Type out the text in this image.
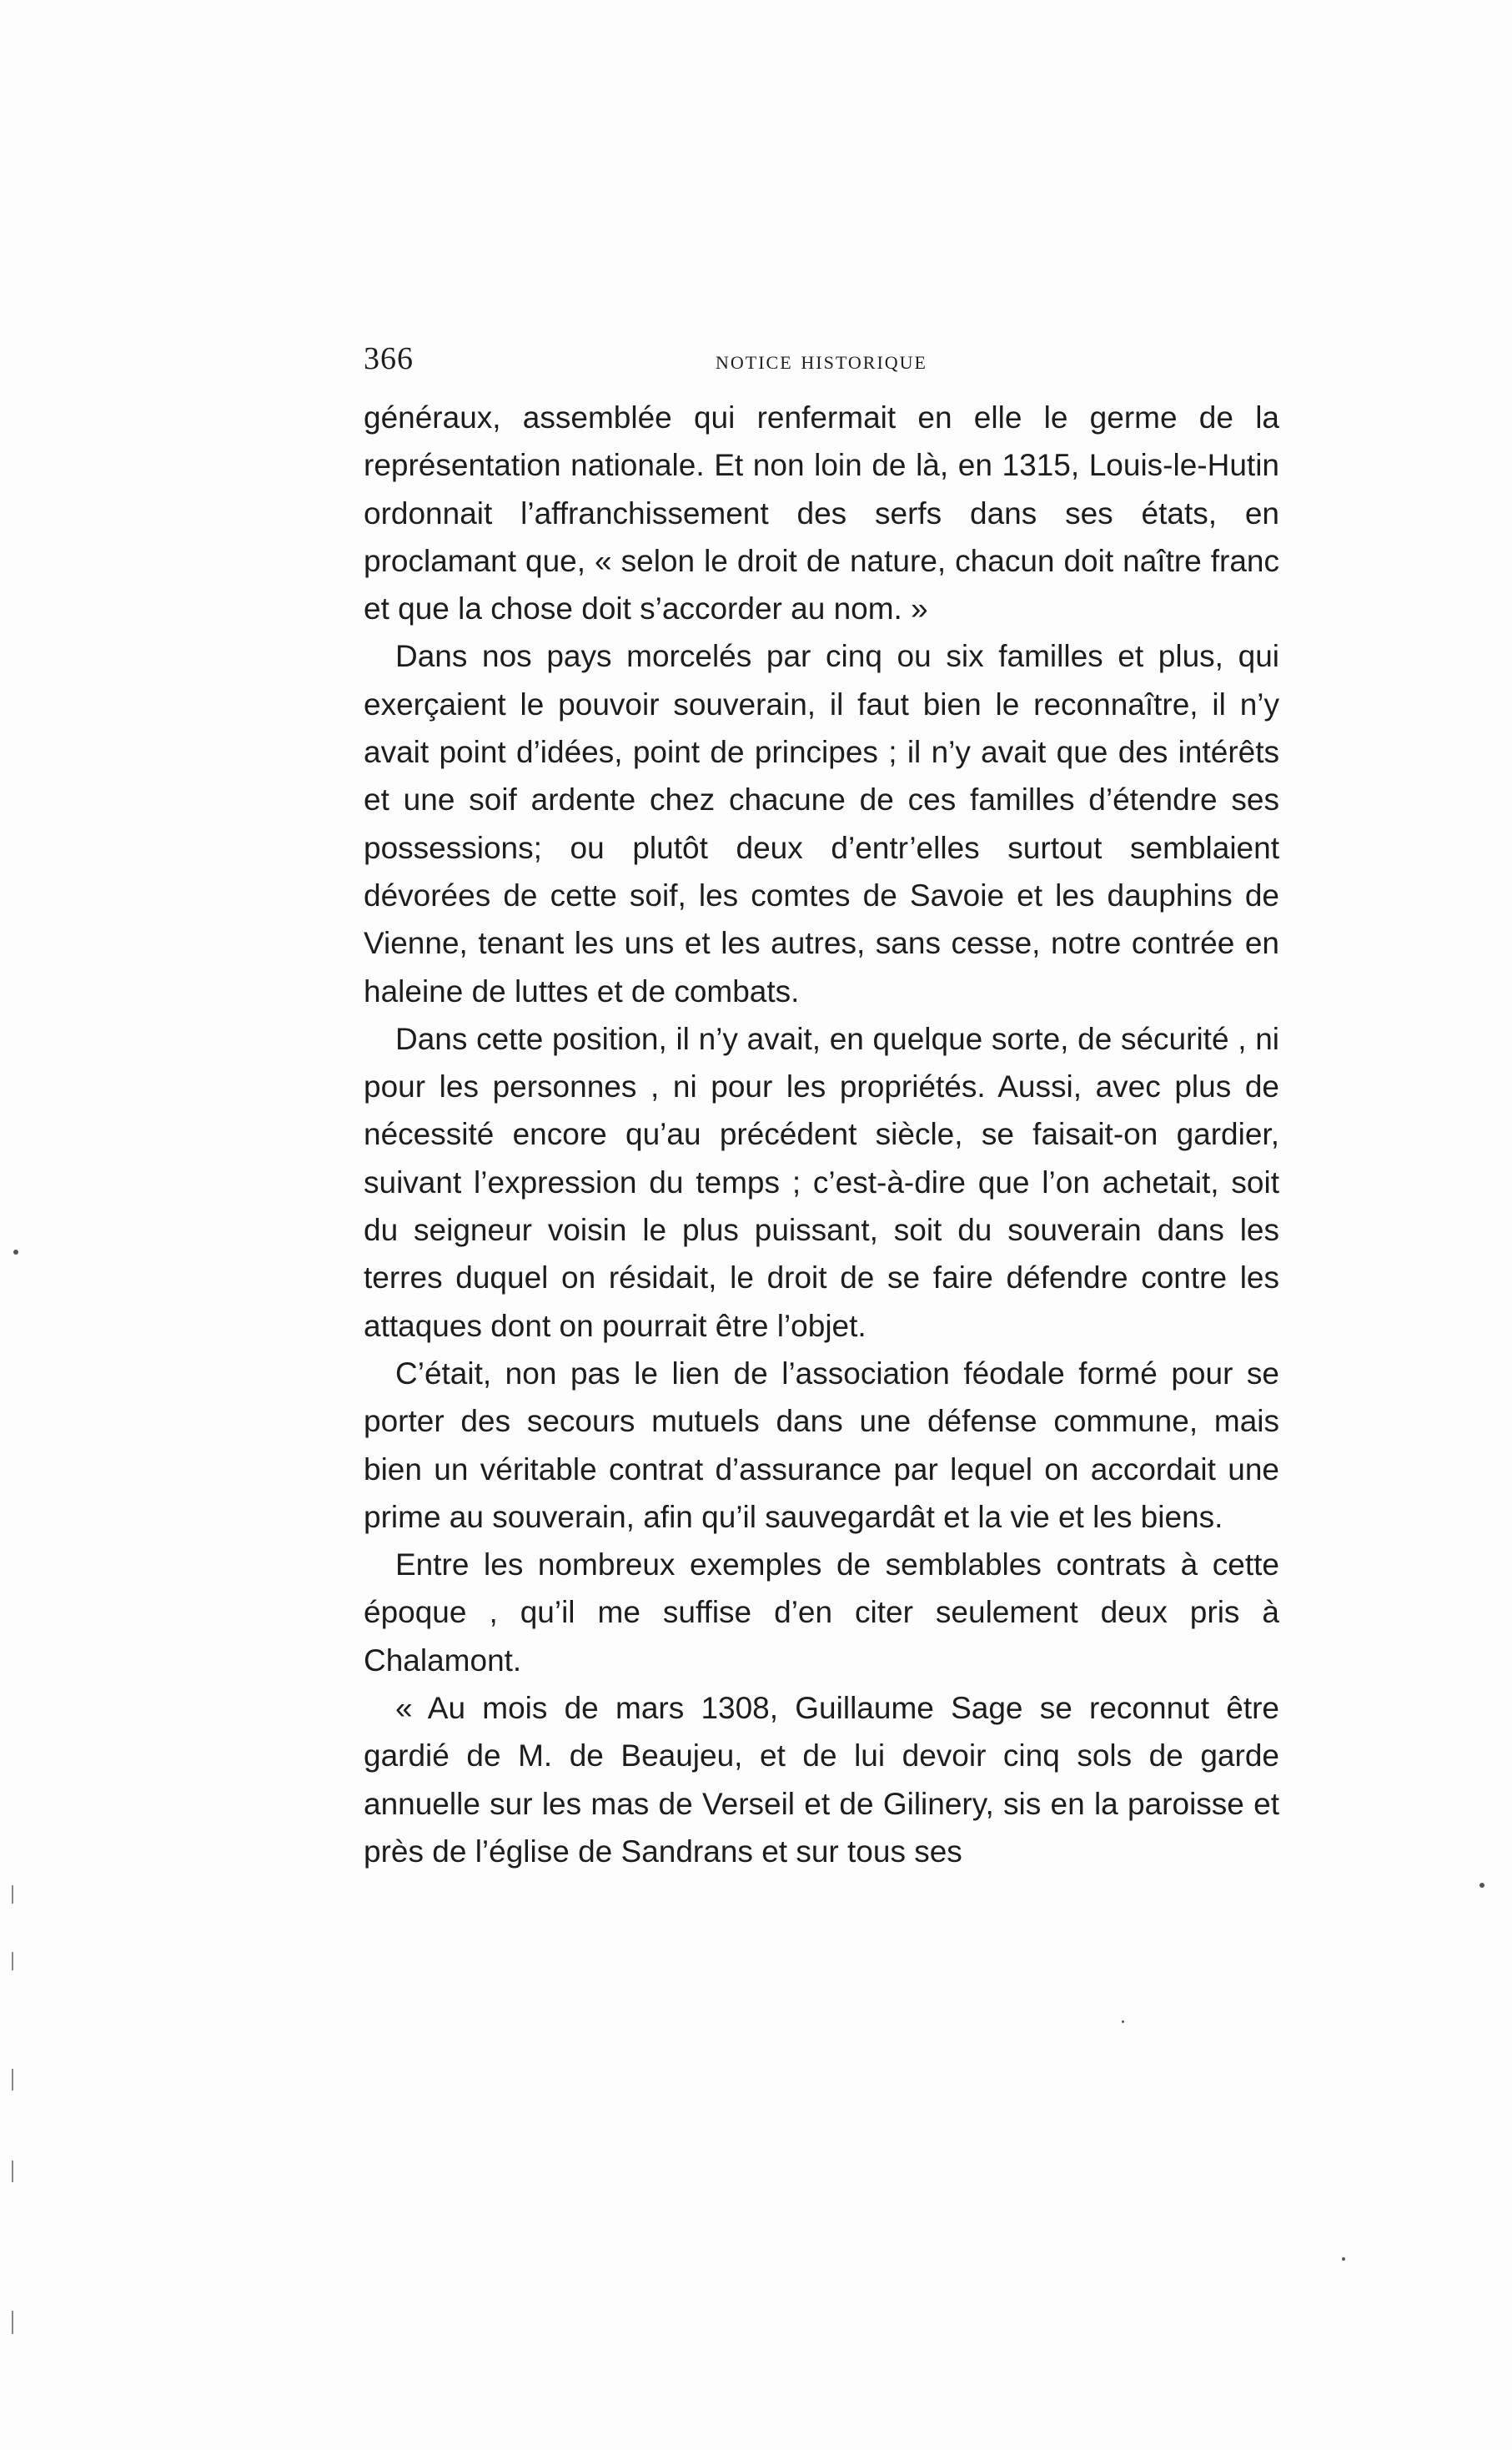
366	notice historique

généraux, assemblée qui renfermait en elle le germe de la représentation nationale. Et non loin de là, en 1315, Louis-le-Hutin ordonnait l’affranchissement des serfs dans ses états, en proclamant que, « selon le droit de nature, chacun doit naître franc et que la chose doit s’accorder au nom. »

Dans nos pays morcelés par cinq ou six familles et plus, qui exerçaient le pouvoir souverain, il faut bien le reconnaître, il n’y avait point d’idées, point de principes ; il n’y avait que des intérêts et une soif ardente chez chacune de ces familles d’étendre ses possessions; ou plutôt deux d’entr’elles surtout semblaient dévorées de cette soif, les comtes de Savoie et les dauphins de Vienne, tenant les uns et les autres, sans cesse, notre contrée en haleine de luttes et de combats.

Dans cette position, il n’y avait, en quelque sorte, de sécurité , ni pour les personnes , ni pour les propriétés. Aussi, avec plus de nécessité encore qu’au précédent siècle, se faisait-on gardier, suivant l’expression du temps ; c’est-à-dire que l’on achetait, soit du seigneur voisin le plus puissant, soit du souverain dans les terres duquel on résidait, le droit de se faire défendre contre les attaques dont on pourrait être l’objet.

C’était, non pas le lien de l’association féodale formé pour se porter des secours mutuels dans une défense commune, mais bien un véritable contrat d’assurance par lequel on accordait une prime au souverain, afin qu’il sauvegardât et la vie et les biens.

Entre les nombreux exemples de semblables contrats à cette époque , qu’il me suffise d’en citer seulement deux pris à Chalamont.

« Au mois de mars 1308, Guillaume Sage se reconnut être gardié de M. de Beaujeu, et de lui devoir cinq sols de garde annuelle sur les mas de Verseil et de Gilinery, sis en la paroisse et près de l’église de Sandrans et sur tous ses
